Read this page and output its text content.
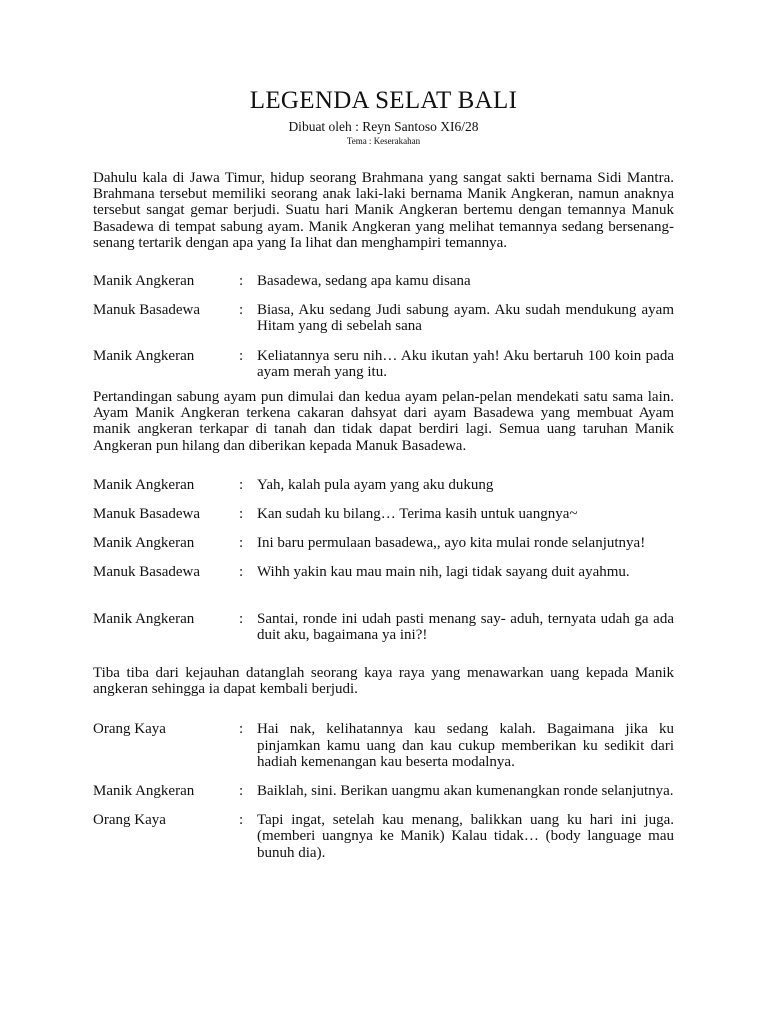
LEGENDA SELAT BALI
Dibuat oleh : Reyn Santoso XI6/28
Tema : Keserakahan

Dahulu kala di Jawa Timur, hidup seorang Brahmana yang sangat sakti bernama Sidi Mantra. Brahmana tersebut memiliki seorang anak laki-laki bernama Manik Angkeran, namun anaknya tersebut sangat gemar berjudi. Suatu hari Manik Angkeran bertemu dengan temannya Manuk Basadewa di tempat sabung ayam. Manik Angkeran yang melihat temannya sedang bersenang-senang tertarik dengan apa yang Ia lihat dan menghampiri temannya.

Manik Angkeran	: Basadewa, sedang apa kamu disana
Manuk Basadewa	: Biasa, Aku sedang Judi sabung ayam. Aku sudah mendukung ayam Hitam yang di sebelah sana
Manik Angkeran	: Keliatannya seru nih… Aku ikutan yah! Aku bertaruh 100 koin pada ayam merah yang itu.

Pertandingan sabung ayam pun dimulai dan kedua ayam pelan-pelan mendekati satu sama lain. Ayam Manik Angkeran terkena cakaran dahsyat dari ayam Basadewa yang membuat Ayam manik angkeran terkapar di tanah dan tidak dapat berdiri lagi. Semua uang taruhan Manik Angkeran pun hilang dan diberikan kepada Manuk Basadewa.

Manik Angkeran	: Yah, kalah pula ayam yang aku dukung
Manuk Basadewa	: Kan sudah ku bilang… Terima kasih untuk uangnya~
Manik Angkeran	: Ini baru permulaan basadewa,, ayo kita mulai ronde selanjutnya!
Manuk Basadewa	: Wihh yakin kau mau main nih, lagi tidak sayang duit ayahmu.
Manik Angkeran	: Santai, ronde ini udah pasti menang say- aduh, ternyata udah ga ada duit aku, bagaimana ya ini?!

Tiba tiba dari kejauhan datanglah seorang kaya raya yang menawarkan uang kepada Manik angkeran sehingga ia dapat kembali berjudi.

Orang Kaya	: Hai nak, kelihatannya kau sedang kalah. Bagaimana jika ku pinjamkan kamu uang dan kau cukup memberikan ku sedikit dari hadiah kemenangan kau beserta modalnya.
Manik Angkeran	: Baiklah, sini. Berikan uangmu akan kumenangkan ronde selanjutnya.
Orang Kaya	: Tapi ingat, setelah kau menang, balikkan uang ku hari ini juga. (memberi uangnya ke Manik) Kalau tidak… (body language mau bunuh dia).
